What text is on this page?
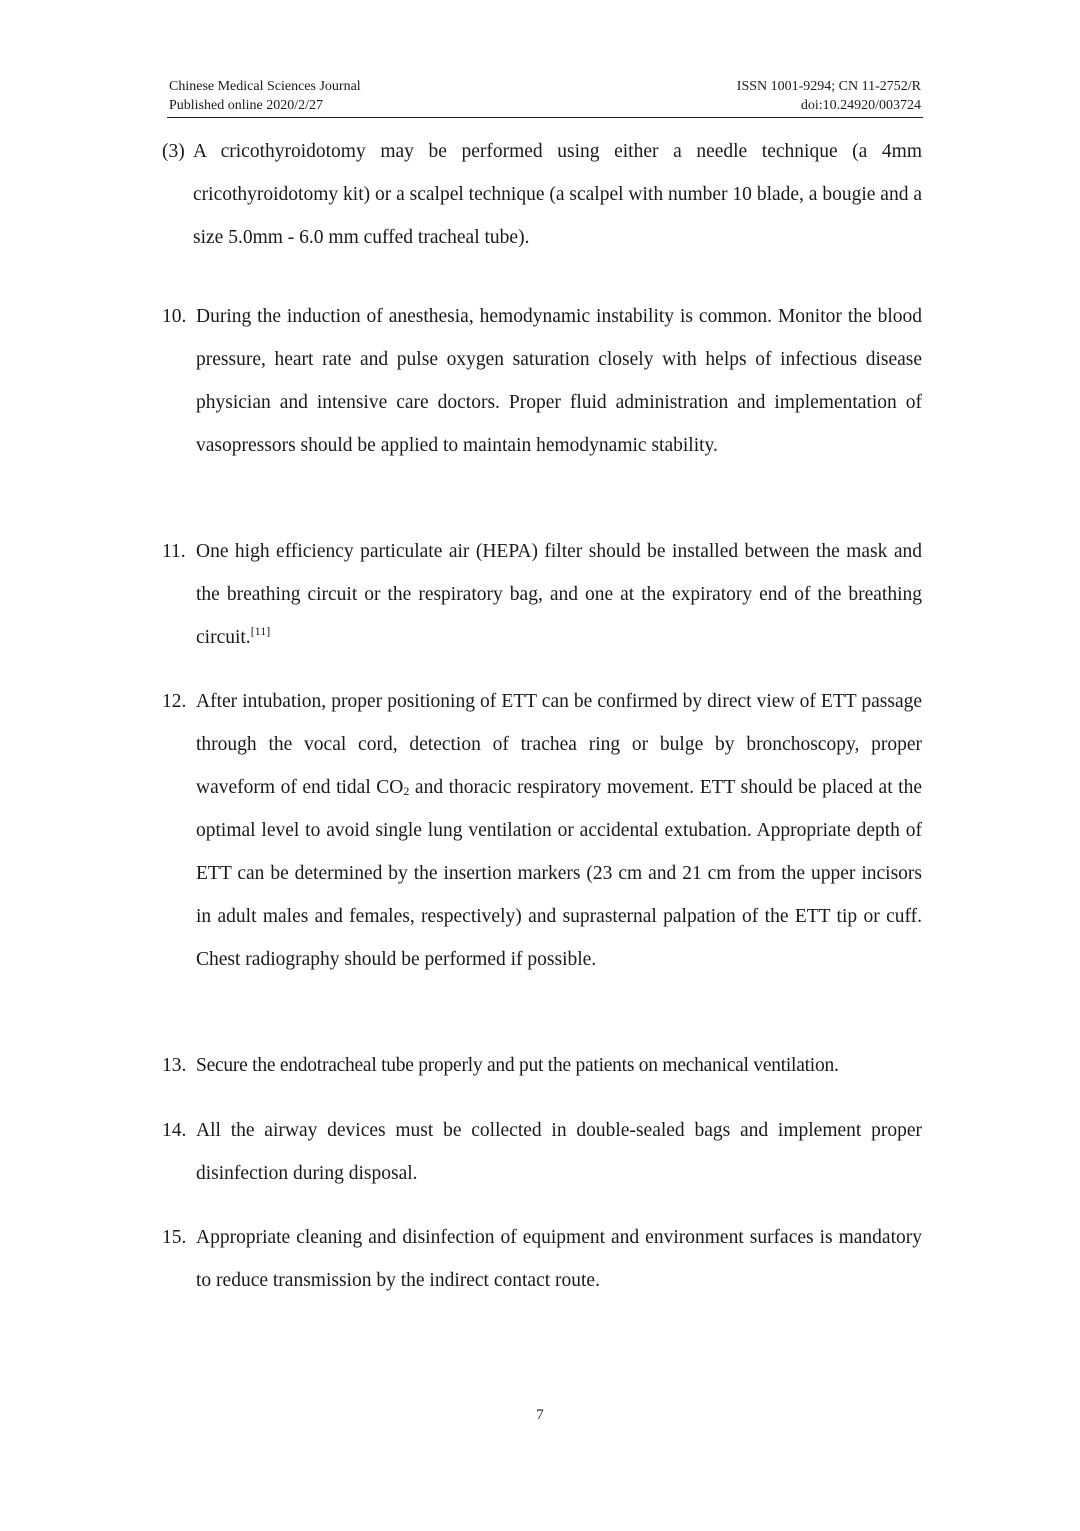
Chinese Medical Sciences Journal
Published online 2020/2/27
ISSN 1001-9294; CN 11-2752/R
doi:10.24920/003724
(3) A cricothyroidotomy may be performed using either a needle technique (a 4mm cricothyroidotomy kit) or a scalpel technique (a scalpel with number 10 blade, a bougie and a size 5.0mm - 6.0 mm cuffed tracheal tube).

10. During the induction of anesthesia, hemodynamic instability is common. Monitor the blood pressure, heart rate and pulse oxygen saturation closely with helps of infectious disease physician and intensive care doctors. Proper fluid administration and implementation of vasopressors should be applied to maintain hemodynamic stability.

11. One high efficiency particulate air (HEPA) filter should be installed between the mask and the breathing circuit or the respiratory bag, and one at the expiratory end of the breathing circuit.[11]

12. After intubation, proper positioning of ETT can be confirmed by direct view of ETT passage through the vocal cord, detection of trachea ring or bulge by bronchoscopy, proper waveform of end tidal $CO_2$ and thoracic respiratory movement. ETT should be placed at the optimal level to avoid single lung ventilation or accidental extubation. Appropriate depth of ETT can be determined by the insertion markers (23 cm and 21 cm from the upper incisors in adult males and females, respectively) and suprasternal palpation of the ETT tip or cuff. Chest radiography should be performed if possible.

13. Secure the endotracheal tube properly and put the patients on mechanical ventilation.

14. All the airway devices must be collected in double-sealed bags and implement proper disinfection during disposal.

15. Appropriate cleaning and disinfection of equipment and environment surfaces is mandatory to reduce transmission by the indirect contact route.

7
